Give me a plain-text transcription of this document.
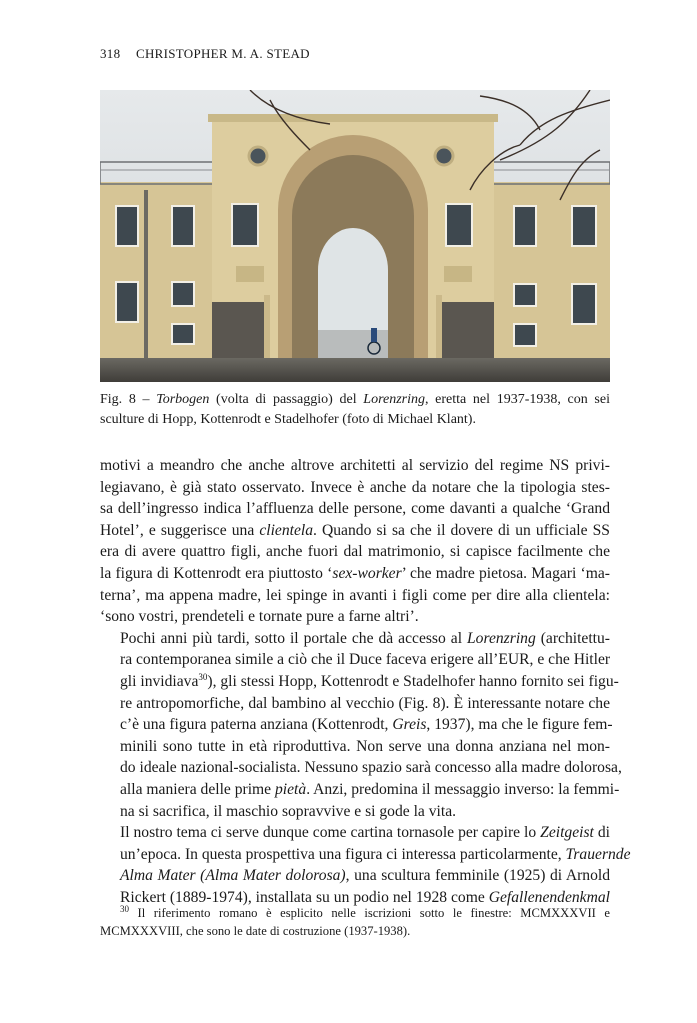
318 CHRISTOPHER M. A. STEAD
Fig. 8 – Torbogen (volta di passaggio) del Lorenzring, eretta nel 1937-1938, con sei
sculture di Hopp, Kottenrodt e Stadelhofer (foto di Michael Klant).

motivi a meandro che anche altrove architetti al servizio del regime NS privi-
legiavano, è già stato osservato. Invece è anche da notare che la tipologia stes-
sa dell’ingresso indica l’affluenza delle persone, come davanti a qualche ‘Grand
Hotel’, e suggerisce una clientela. Quando si sa che il dovere di un ufficiale SS
era di avere quattro figli, anche fuori dal matrimonio, si capisce facilmente che
la figura di Kottenrodt era piuttosto ‘sex-worker’ che madre pietosa. Magari ‘ma-
terna’, ma appena madre, lei spinge in avanti i figli come per dire alla clientela:
‘sono vostri, prendeteli e tornate pure a farne altri’.

Pochi anni più tardi, sotto il portale che dà accesso al Lorenzring (architettu-
ra contemporanea simile a ciò che il Duce faceva erigere all’EUR, e che Hitler
gli invidiava$^{30}$), gli stessi Hopp, Kottenrodt e Stadelhofer hanno fornito sei figu-
re antropomorfiche, dal bambino al vecchio (Fig. 8). È interessante notare che
c’è una figura paterna anziana (Kottenrodt, Greis, 1937), ma che le figure fem-
minili sono tutte in età riproduttiva. Non serve una donna anziana nel mon-
do ideale nazional-socialista. Nessuno spazio sarà concesso alla madre dolorosa,
alla maniera delle prime pietà. Anzi, predomina il messaggio inverso: la femmi-
na si sacrifica, il maschio sopravvive e si gode la vita.

Il nostro tema ci serve dunque come cartina tornasole per capire lo Zeitgeist di
un’epoca. In questa prospettiva una figura ci interessa particolarmente, Trauernde
Alma Mater (Alma Mater dolorosa), una scultura femminile (1925) di Arnold
Rickert (1889-1974), installata su un podio nel 1928 come Gefallenendenkmal

$^{30}$ Il riferimento romano è esplicito nelle iscrizioni sotto le finestre: MCMXXXVII e
MCMXXXVIII, che sono le date di costruzione (1937-1938).
